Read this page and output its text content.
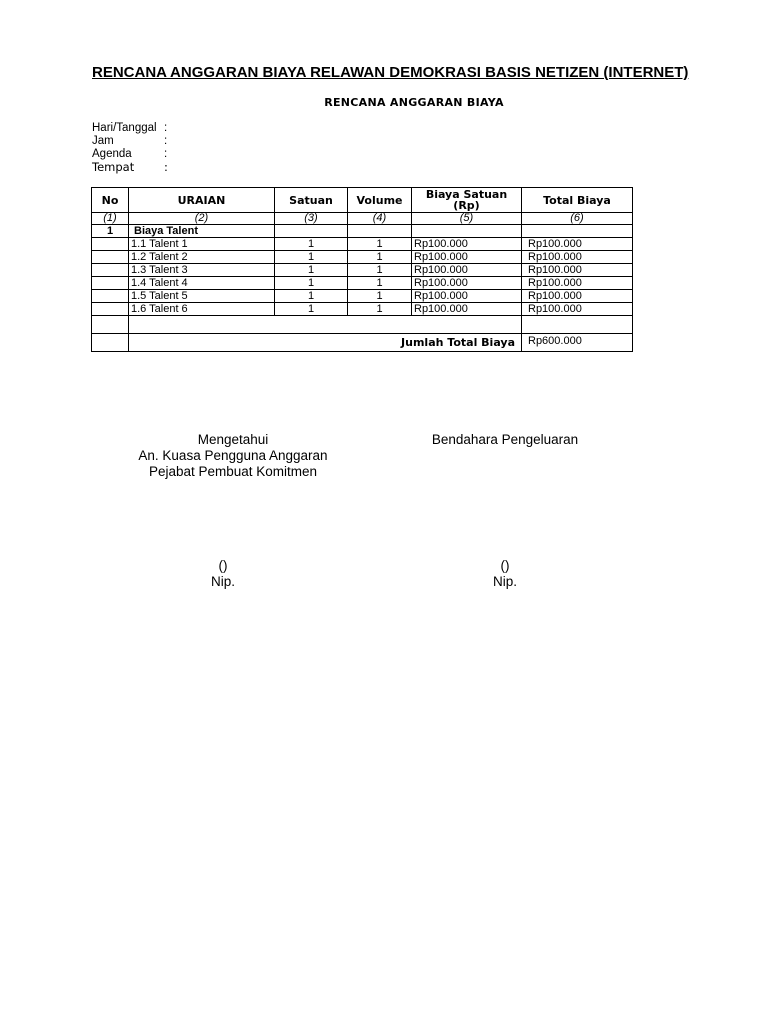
RENCANA ANGGARAN BIAYA RELAWAN DEMOKRASI BASIS NETIZEN (INTERNET)
RENCANA ANGGARAN BIAYA
Hari/Tanggal :
Jam	:
Agenda	:
Tempat	:
No	URAIAN	Satuan	Volume	Biaya Satuan (Rp)	Total Biaya
(1)	(2)	(3)	(4)	(5)	(6)
1	Biaya Talent				
	1.1 Talent 1	1	1	Rp100.000	Rp100.000
	1.2 Talent 2	1	1	Rp100.000	Rp100.000
	1.3 Talent 3	1	1	Rp100.000	Rp100.000
	1.4 Talent 4	1	1	Rp100.000	Rp100.000
	1.5 Talent 5	1	1	Rp100.000	Rp100.000
	1.6 Talent 6	1	1	Rp100.000	Rp100.000

	Jumlah Total Biaya				Rp600.000
Mengetahui
An. Kuasa Pengguna Anggaran
Pejabat Pembuat Komitmen
Bendahara Pengeluaran
()
Nip.
()
Nip.
